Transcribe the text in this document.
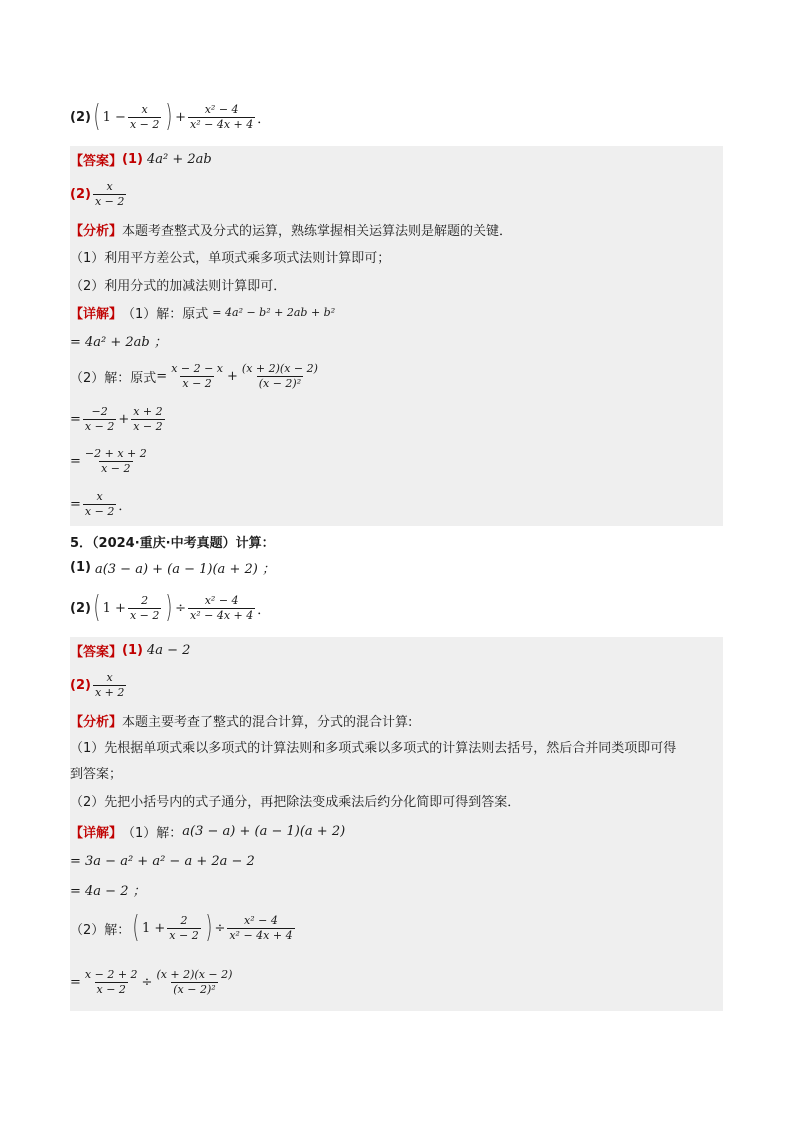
(2) ( $1 - \frac{x}{x - 2}$ ) + $\frac{\text{x² − 4}}{\text{x² − 4x + 4}}$ ．
【答案】 (1) 4a² + 2ab
$(2) \frac{x}{x - 2}$
【分析】 本题考查整式及分式的运算，熟练掌握相关运算法则是解题的关键．
（1）利用平方差公式，单项式乘多项式法则计算即可；
（2）利用分式的加减法则计算即可．
【详解】 （1）解：原式 = 4a² − b² + 2ab + b²
= 4a² + 2ab ；
（2）解：原式 = $\frac{x - 2 - x}{x - 2} + \frac{(x + 2)(x - 2)}{\text{(x − 2)²}}$
= $\frac{-2}{x - 2} + \frac{x + 2}{x - 2}$
= $\frac{-2 + x + 2}{x - 2}$
= $\frac{x}{x - 2}$ ．
5．（2024·重庆·中考真题）计算：
(1) a(3 − a) + (a − 1)(a + 2) ；
(2) ( $1 + \frac{2}{x - 2}$ ) ÷ $\frac{\text{x² − 4}}{\text{x² − 4x + 4}}$ ．
【答案】 (1) 4a − 2
$(2) \frac{x}{x + 2}$
【分析】 本题主要考查了整式的混合计算，分式的混合计算:
（1）先根据单项式乘以多项式的计算法则和多项式乘以多项式的计算法则去括号，然后合并同类项即可得
到答案；
（2）先把小括号内的式子通分，再把除法变成乘法后约分化简即可得到答案．
【详解】 （1）解： a(3 − a) + (a − 1)(a + 2)
= 3a − a² + a² − a + 2a − 2
= 4a − 2 ；
（2）解： ( $1 + \frac{2}{x - 2}$ ) ÷ $\frac{\text{x² − 4}}{\text{x² − 4x + 4}}$
= $\frac{x - 2 + 2}{x - 2} \div \frac{(x + 2)(x - 2)}{\text{(x − 2)²}}$
